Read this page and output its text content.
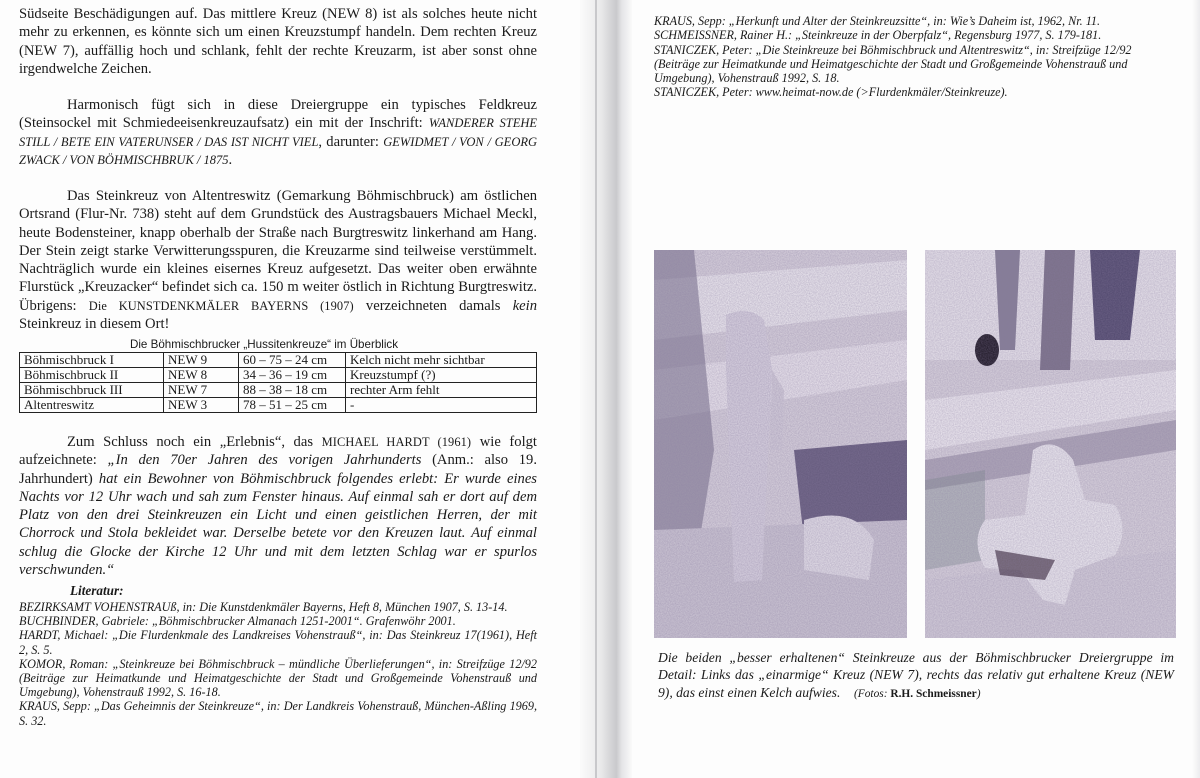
Südseite Beschädigungen auf. Das mittlere Kreuz (NEW 8) ist als solches heute nicht mehr zu erkennen, es könnte sich um einen Kreuzstumpf handeln. Dem rechten Kreuz (NEW 7), auffällig hoch und schlank, fehlt der rechte Kreuzarm, ist aber sonst ohne irgendwelche Zeichen.

Harmonisch fügt sich in diese Dreiergruppe ein typisches Feldkreuz (Steinsockel mit Schmiedeeisenkreuzaufsatz) ein mit der Inschrift: WANDERER STEHE STILL / BETE EIN VATERUNSER / DAS IST NICHT VIEL, darunter: GEWIDMET / VON / GEORG ZWACK / VON BÖHMISCHBRUK / 1875.

Das Steinkreuz von Altentreswitz (Gemarkung Böhmischbruck) am östlichen Ortsrand (Flur-Nr. 738) steht auf dem Grundstück des Austragsbauers Michael Meckl, heute Bodensteiner, knapp oberhalb der Straße nach Burgtreswitz linkerhand am Hang. Der Stein zeigt starke Verwitterungsspuren, die Kreuzarme sind teilweise verstümmelt. Nachträglich wurde ein kleines eisernes Kreuz aufgesetzt. Das weiter oben erwähnte Flurstück „Kreuzacker“ befindet sich ca. 150 m weiter östlich in Richtung Burgtreswitz. Übrigens: Die KUNSTDENKMÄLER BAYERNS (1907) verzeichneten damals kein Steinkreuz in diesem Ort!

Die Böhmischbrucker „Hussitenkreuze“ im Überblick
Böhmischbruck I	NEW 9	60 – 75 – 24 cm	Kelch nicht mehr sichtbar
Böhmischbruck II	NEW 8	34 – 36 – 19 cm	Kreuzstumpf (?)
Böhmischbruck III	NEW 7	88 – 38 – 18 cm	rechter Arm fehlt
Altentreswitz	NEW 3	78 – 51 – 25 cm	-

Zum Schluss noch ein „Erlebnis“, das MICHAEL HARDT (1961) wie folgt aufzeichnete: „In den 70er Jahren des vorigen Jahrhunderts (Anm.: also 19. Jahrhundert) hat ein Bewohner von Böhmischbruck folgendes erlebt: Er wurde eines Nachts vor 12 Uhr wach und sah zum Fenster hinaus. Auf einmal sah er dort auf dem Platz von den drei Steinkreuzen ein Licht und einen geistlichen Herren, der mit Chorrock und Stola bekleidet war. Derselbe betete vor den Kreuzen laut. Auf einmal schlug die Glocke der Kirche 12 Uhr und mit dem letzten Schlag war er spurlos verschwunden.“

Literatur:
BEZIRKSAMT VOHENSTRAUß, in: Die Kunstdenkmäler Bayerns, Heft 8, München 1907, S. 13-14.
BUCHBINDER, Gabriele: „Böhmischbrucker Almanach 1251-2001“. Grafenwöhr 2001.
HARDT, Michael: „Die Flurdenkmale des Landkreises Vohenstrauß“, in: Das Steinkreuz 17(1961), Heft 2, S. 5.
KOMOR, Roman: „Steinkreuze bei Böhmischbruck – mündliche Überlieferungen“, in: Streifzüge 12/92 (Beiträge zur Heimatkunde und Heimatgeschichte der Stadt und Großgemeinde Vohenstrauß und Umgebung), Vohenstrauß 1992, S. 16-18.
KRAUS, Sepp: „Das Geheimnis der Steinkreuze“, in: Der Landkreis Vohenstrauß, München-Aßling 1969, S. 32.
KRAUS, Sepp: „Herkunft und Alter der Steinkreuzsitte“, in: Wie’s Daheim ist, 1962, Nr. 11.
SCHMEISSNER, Rainer H.: „Steinkreuze in der Oberpfalz“, Regensburg 1977, S. 179-181.
STANICZEK, Peter: „Die Steinkreuze bei Böhmischbruck und Altentreswitz“, in: Streifzüge 12/92 (Beiträge zur Heimatkunde und Heimatgeschichte der Stadt und Großgemeinde Vohenstrauß und Umgebung), Vohenstrauß 1992, S. 18.
STANICZEK, Peter: www.heimat-now.de (>Flurdenkmäler/Steinkreuze).
Die beiden „besser erhaltenen“ Steinkreuze aus der Böhmischbrucker Dreiergruppe im Detail: Links das „einarmige“ Kreuz (NEW 7), rechts das relativ gut erhaltene Kreuz (NEW 9), das einst einen Kelch aufwies. (Fotos: R.H. Schmeissner)
